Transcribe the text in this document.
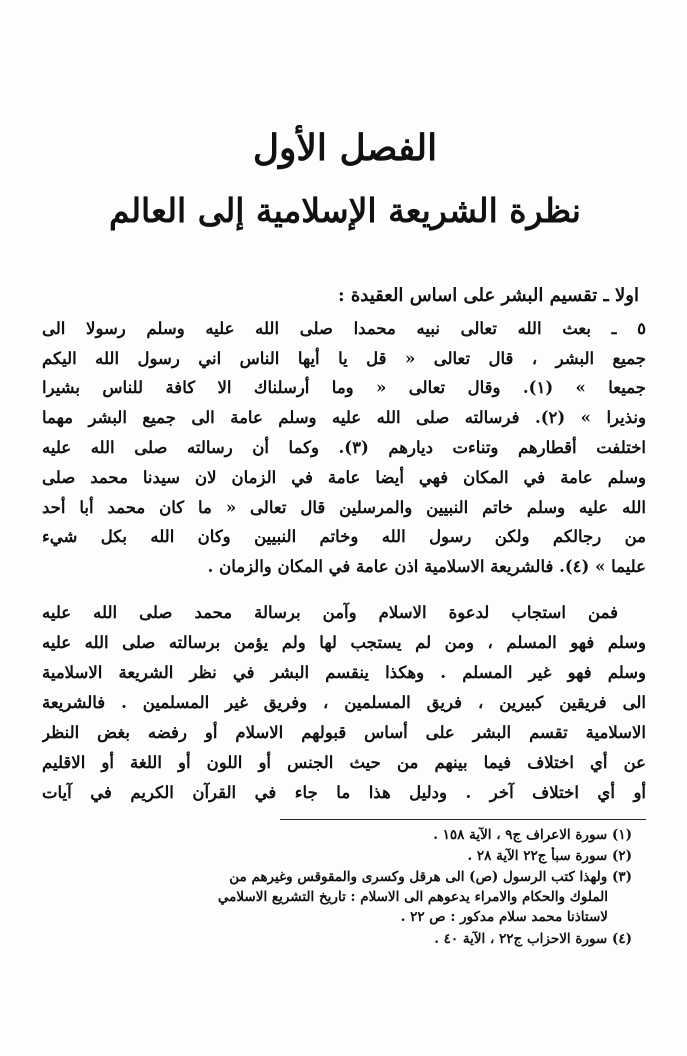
الفصل الأول
نظرة الشريعة الإسلامية إلى العالم
اولا ـ تقسيم البشر على اساس العقيدة :
٥ ـ بعث الله تعالى نبيه محمدا صلى الله عليه وسلم رسولا الى
جميع البشر ، قال تعالى « قل يا أيها الناس اني رسول الله اليكم
جميعا » (١). وقال تعالى « وما أرسلناك الا كافة للناس بشيرا
ونذيرا » (٢). فرسالته صلى الله عليه وسلم عامة الى جميع البشر مهما
اختلفت أقطارهم وتناءت ديارهم (٣). وكما أن رسالته صلى الله عليه
وسلم عامة في المكان فهي أيضا عامة في الزمان لان سيدنا محمد صلى
الله عليه وسلم خاتم النبيين والمرسلين قال تعالى « ما كان محمد أبا أحد
من رجالكم ولكن رسول الله وخاتم النبيين وكان الله بكل شيء
عليما » (٤). فالشريعة الاسلامية اذن عامة في المكان والزمان .
فمن استجاب لدعوة الاسلام وآمن برسالة محمد صلى الله عليه
وسلم فهو المسلم ، ومن لم يستجب لها ولم يؤمن برسالته صلى الله عليه
وسلم فهو غير المسلم . وهكذا ينقسم البشر في نظر الشريعة الاسلامية
الى فريقين كبيرين ، فريق المسلمين ، وفريق غير المسلمين . فالشريعة
الاسلامية تقسم البشر على أساس قبولهم الاسلام أو رفضه بغض النظر
عن أي اختلاف فيما بينهم من حيث الجنس أو اللون أو اللغة أو الاقليم
أو أي اختلاف آخر . ودليل هذا ما جاء في القرآن الكريم في آيات
(١) سورة الاعراف ج٩ ، الآية ١٥٨ .
(٢) سورة سبأ ج٢٢ الآية ٢٨ .
(٣) ولهذا كتب الرسول (ص) الى هرقل وكسرى والمقوقس وغيرهم من
الملوك والحكام والامراء يدعوهم الى الاسلام : تاريخ التشريع الاسلامي
لاستاذنا محمد سلام مدكور : ص ٢٢ .
(٤) سورة الاحزاب ج٢٢ ، الآية ٤٠ .
